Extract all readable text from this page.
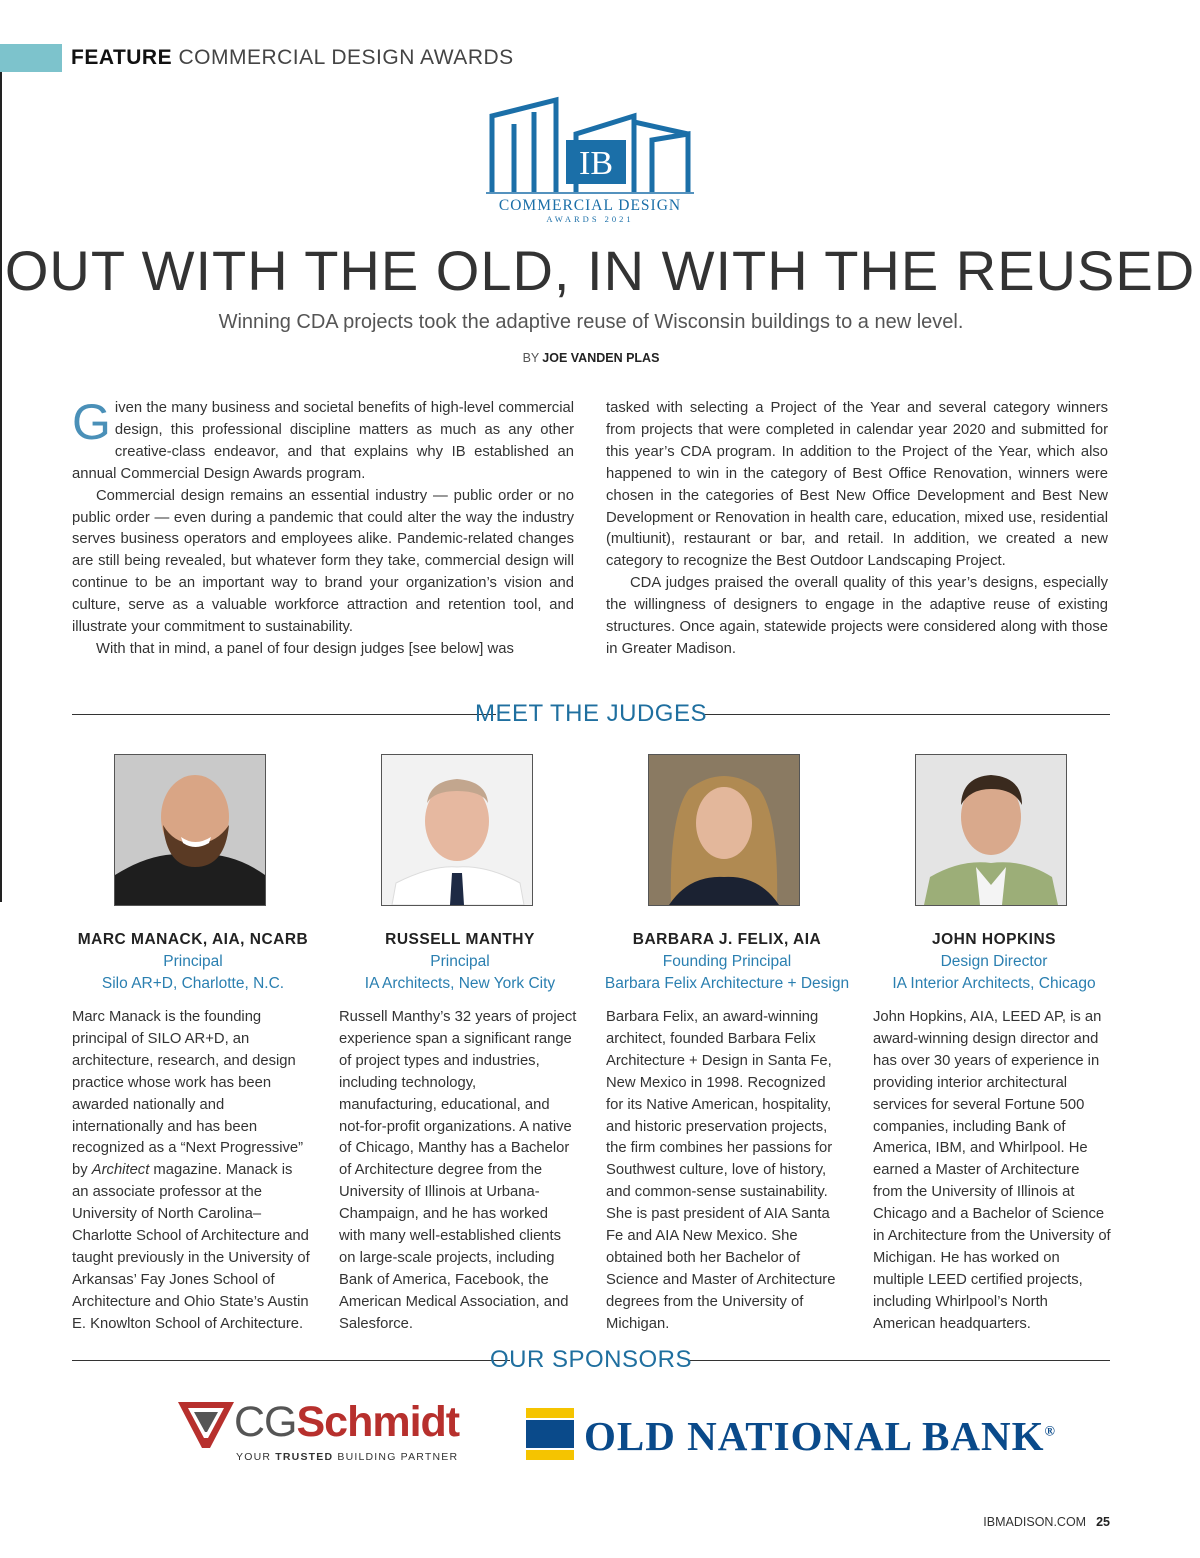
FEATURE COMMERCIAL DESIGN AWARDS
IB
COMMERCIAL DESIGN
AWARDS 2021
OUT WITH THE OLD, IN WITH THE REUSED
Winning CDA projects took the adaptive reuse of Wisconsin buildings to a new level.
BY JOE VANDEN PLAS

Given the many business and societal benefits of high-level commercial design, this professional discipline matters as much as any other creative-class endeavor, and that explains why IB established an annual Commercial Design Awards program.

Commercial design remains an essential industry — public order or no public order — even during a pandemic that could alter the way the industry serves business operators and employees alike. Pandemic-related changes are still being revealed, but whatever form they take, commercial design will continue to be an important way to brand your organization’s vision and culture, serve as a valuable workforce attraction and retention tool, and illustrate your commitment to sustainability.

With that in mind, a panel of four design judges [see below] was

tasked with selecting a Project of the Year and several category winners from projects that were completed in calendar year 2020 and submitted for this year’s CDA program. In addition to the Project of the Year, which also happened to win in the category of Best Office Renovation, winners were chosen in the categories of Best New Office Development and Best New Development or Renovation in health care, education, mixed use, residential (multiunit), restaurant or bar, and retail. In addition, we created a new category to recognize the Best Outdoor Landscaping Project.

CDA judges praised the overall quality of this year’s designs, especially the willingness of designers to engage in the adaptive reuse of existing structures. Once again, statewide projects were considered along with those in Greater Madison.

MEET THE JUDGES
MARC MANACK, AIA, NCARB
Principal
Silo AR+D, Charlotte, N.C.
Marc Manack is the founding principal of SILO AR+D, an architecture, research, and design practice whose work has been awarded nationally and internationally and has been recognized as a “Next Progressive” by Architect magazine. Manack is an associate professor at the University of North Carolina–Charlotte School of Architecture and taught previously in the University of Arkansas’ Fay Jones School of Architecture and Ohio State’s Austin E. Knowlton School of Architecture.
RUSSELL MANTHY
Principal
IA Architects, New York City
Russell Manthy’s 32 years of project experience span a significant range of project types and industries, including technology, manufacturing, educational, and not-for-profit organizations. A native of Chicago, Manthy has a Bachelor of Architecture degree from the University of Illinois at Urbana-Champaign, and he has worked with many well-established clients on large-scale projects, including Bank of America, Facebook, the American Medical Association, and Salesforce.
BARBARA J. FELIX, AIA
Founding Principal
Barbara Felix Architecture + Design
Barbara Felix, an award-winning architect, founded Barbara Felix Architecture + Design in Santa Fe, New Mexico in 1998. Recognized for its Native American, hospitality, and historic preservation projects, the firm combines her passions for Southwest culture, love of history, and common-sense sustainability. She is past president of AIA Santa Fe and AIA New Mexico. She obtained both her Bachelor of Science and Master of Architecture degrees from the University of Michigan.
JOHN HOPKINS
Design Director
IA Interior Architects, Chicago
John Hopkins, AIA, LEED AP, is an award-winning design director and has over 30 years of experience in providing interior architectural services for several Fortune 500 companies, including Bank of America, IBM, and Whirlpool. He earned a Master of Architecture from the University of Illinois at Chicago and a Bachelor of Science in Architecture from the University of Michigan. He has worked on multiple LEED certified projects, including Whirlpool’s North American headquarters.
OUR SPONSORS
CGSchmidt
YOUR TRUSTED BUILDING PARTNER	OLD NATIONAL BANK®
IBMADISON.COM 25
